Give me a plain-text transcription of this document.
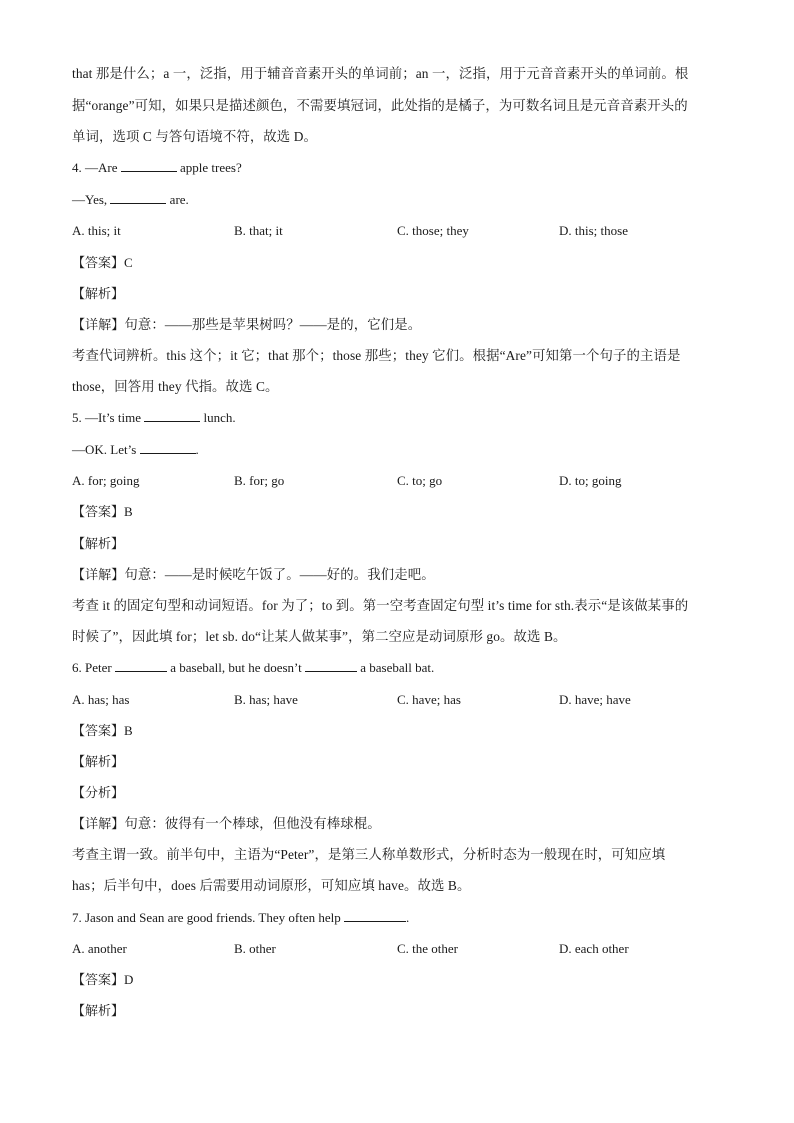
that 那是什么；a 一，泛指，用于辅音音素开头的单词前；an 一，泛指，用于元音音素开头的单词前。根
据“orange”可知，如果只是描述颜色，不需要填冠词，此处指的是橘子，为可数名词且是元音音素开头的
单词，选项 C 与答句语境不符，故选 D。
4. —Are	apple trees?
—Yes,	are.
A. this; it	B. that; it	C. those; they	D. this; those
【答案】C
【解析】
【详解】句意：——那些是苹果树吗？——是的，它们是。
考查代词辨析。this 这个；it 它；that 那个；those 那些；they 它们。根据“Are”可知第一个句子的主语是
those，回答用 they 代指。故选 C。
5. —It’s time	lunch.
—OK. Let’s	.
A. for; going	B. for; go	C. to; go	D. to; going
【答案】B
【解析】
【详解】句意：——是时候吃午饭了。——好的。我们走吧。
考查 it 的固定句型和动词短语。for 为了；to 到。第一空考查固定句型 it’s time for sth.表示“是该做某事的
时候了”，因此填 for；let sb. do“让某人做某事”，第二空应是动词原形 go。故选 B。
6. Peter	a baseball, but he doesn’t	a baseball bat.
A. has; has	B. has; have	C. have; has	D. have; have
【答案】B
【解析】
【分析】
【详解】句意：彼得有一个棒球，但他没有棒球棍。
考查主谓一致。前半句中，主语为“Peter”，是第三人称单数形式，分析时态为一般现在时，可知应填
has；后半句中，does 后需要用动词原形，可知应填 have。故选 B。
7. Jason and Sean are good friends. They often help	.
A. another	B. other	C. the other	D. each other
【答案】D
【解析】
